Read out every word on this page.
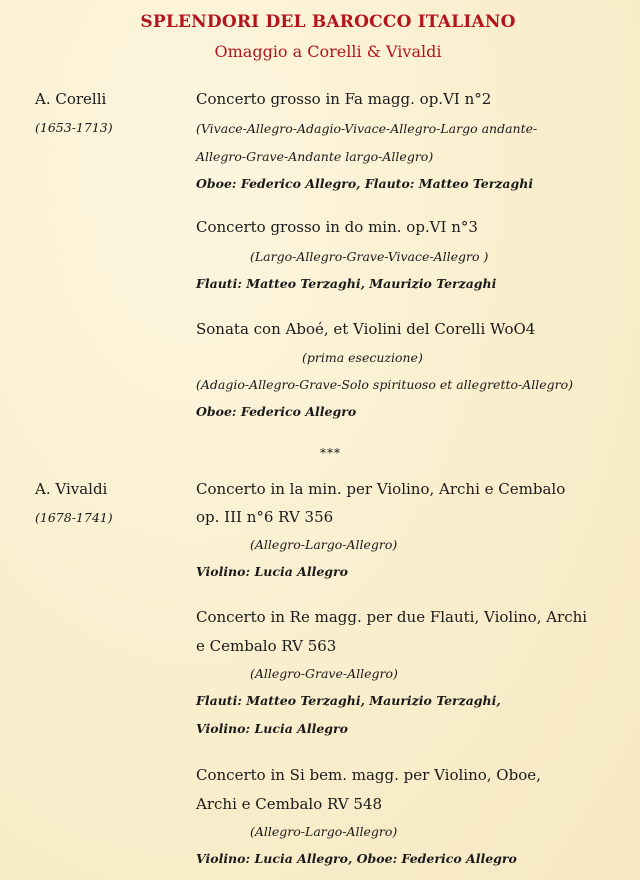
SPLENDORI DEL BAROCCO ITALIANO
Omaggio a Corelli & Vivaldi
A. Corelli
(1653-1713)
Concerto grosso in Fa magg. op.VI n°2
(Vivace-Allegro-Adagio-Vivace-Allegro-Largo andante-
Allegro-Grave-Andante largo-Allegro)
Oboe: Federico Allegro, Flauto: Matteo Terzaghi
Concerto grosso in do min. op.VI n°3
(Largo-Allegro-Grave-Vivace-Allegro )
Flauti: Matteo Terzaghi, Maurizio Terzaghi
Sonata con Aboé, et Violini del Corelli WoO4
(prima esecuzione)
(Adagio-Allegro-Grave-Solo spirituoso et allegretto-Allegro)
Oboe: Federico Allegro
***
A. Vivaldi
(1678-1741)
Concerto in la min. per Violino, Archi e Cembalo
op. III n°6 RV 356
(Allegro-Largo-Allegro)
Violino: Lucia Allegro
Concerto in Re magg. per due Flauti, Violino, Archi
e Cembalo RV 563
(Allegro-Grave-Allegro)
Flauti: Matteo Terzaghi, Maurizio Terzaghi,
Violino: Lucia Allegro
Concerto in Si bem. magg. per Violino, Oboe,
Archi e Cembalo RV 548
(Allegro-Largo-Allegro)
Violino: Lucia Allegro, Oboe: Federico Allegro
